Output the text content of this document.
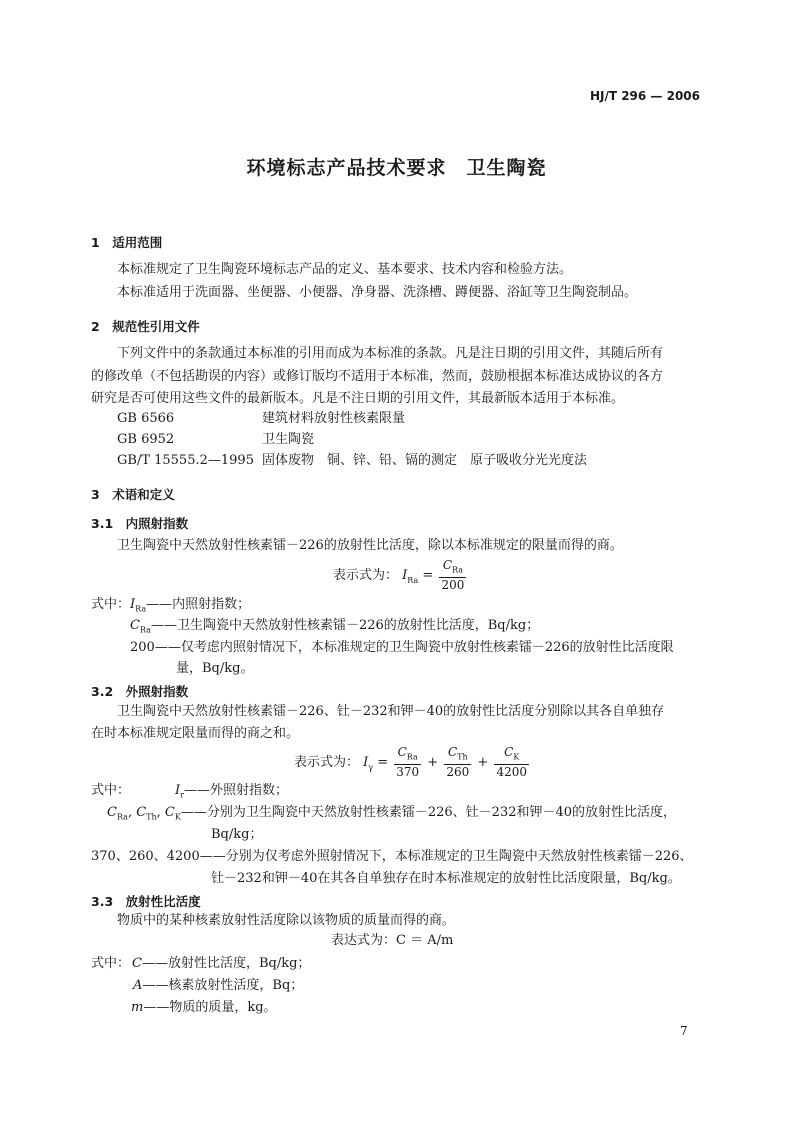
HJ/T 296 — 2006
环境标志产品技术要求　卫生陶瓷
1　适用范围
本标准规定了卫生陶瓷环境标志产品的定义、基本要求、技术内容和检验方法。
本标准适用于洗面器、坐便器、小便器、净身器、洗涤槽、蹲便器、浴缸等卫生陶瓷制品。
2　规范性引用文件
下列文件中的条款通过本标准的引用而成为本标准的条款。凡是注日期的引用文件，其随后所有
的修改单（不包括勘误的内容）或修订版均不适用于本标准，然而，鼓励根据本标准达成协议的各方
研究是否可使用这些文件的最新版本。凡是不注日期的引用文件，其最新版本适用于本标准。
GB 6566	建筑材料放射性核素限量
GB 6952	卫生陶瓷
GB/T 15555.2—1995 固体废物　铜、锌、铅、镉的测定　原子吸收分光光度法
3　术语和定义
3.1　内照射指数
卫生陶瓷中天然放射性核素镭－226的放射性比活度，除以本标准规定的限量而得的商。
表示式为： $I_{Ra} = \frac{C_{Ra}}{200}$
式中： $I_{Ra}——$内照射指数；
$C_{Ra}——$卫生陶瓷中天然放射性核素镭－226的放射性比活度，Bq/kg；
200——仅考虑内照射情况下，本标准规定的卫生陶瓷中放射性核素镭－226的放射性比活度限
量，Bq/kg。
3.2　外照射指数
卫生陶瓷中天然放射性核素镭－226、钍－232和钾－40的放射性比活度分别除以其各自单独存
在时本标准规定限量而得的商之和。
表示式为： $I_\gamma = \frac{C_{Ra}}{370} + \frac{C_{Th}}{260} + \frac{C_K}{4200}$
式中：	$I_r——$外照射指数；
$C_{Ra}$, $C_{Th}$, $C_K——$分别为卫生陶瓷中天然放射性核素镭－226、钍－232和钾－40的放射性比活度，
Bq/kg；
370、260、4200——分别为仅考虑外照射情况下，本标准规定的卫生陶瓷中天然放射性核素镭－226、
钍－232和钾－40在其各自单独存在时本标准规定的放射性比活度限量，Bq/kg。
3.3　放射性比活度
物质中的某种核素放射性活度除以该物质的质量而得的商。
表达式为：C ＝ A/m
式中： C——放射性比活度，Bq/kg；
A——核素放射性活度，Bq；
m——物质的质量，kg。
7
